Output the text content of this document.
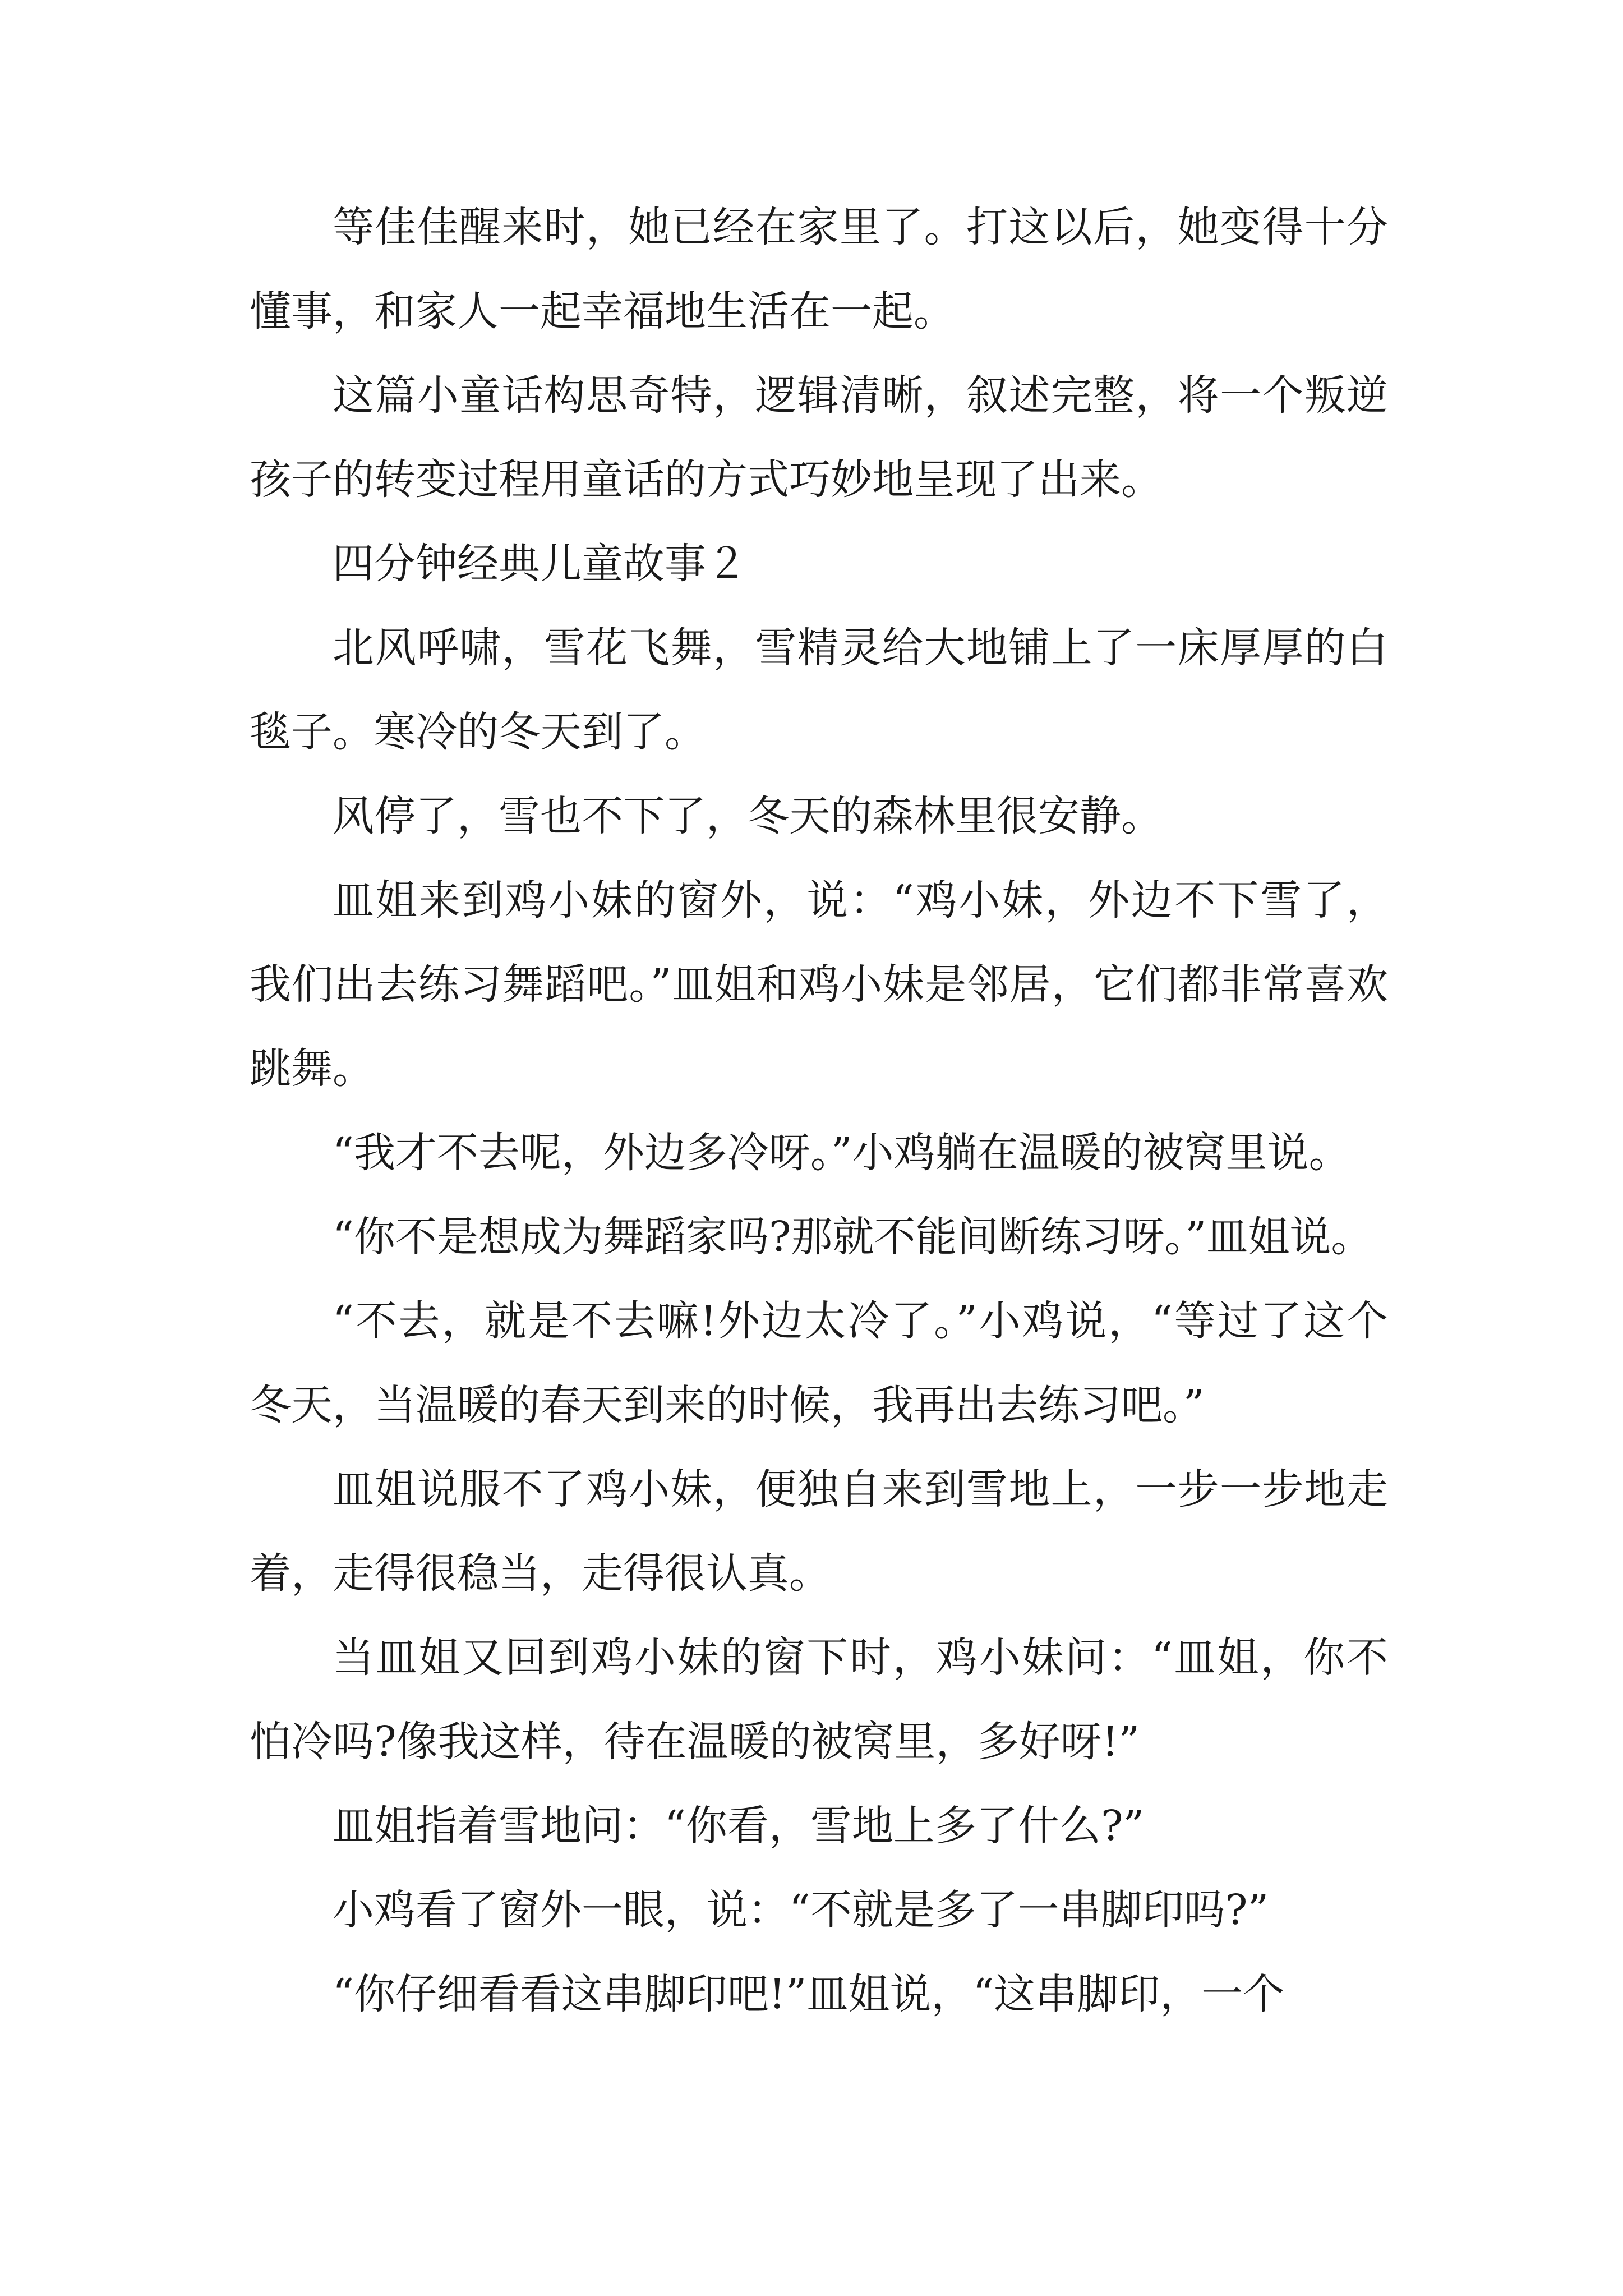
等佳佳醒来时，她已经在家里了。打这以后，她变得十分懂事，和家人一起幸福地生活在一起。

这篇小童话构思奇特，逻辑清晰，叙述完整，将一个叛逆孩子的转变过程用童话的方式巧妙地呈现了出来。

四分钟经典儿童故事２

北风呼啸，雪花飞舞，雪精灵给大地铺上了一床厚厚的白毯子。寒冷的冬天到了。

风停了，雪也不下了，冬天的森林里很安静。

皿姐来到鸡小妹的窗外，说：“鸡小妹，外边不下雪了，我们出去练习舞蹈吧。”皿姐和鸡小妹是邻居，它们都非常喜欢跳舞。

“我才不去呢，外边多冷呀。”小鸡躺在温暖的被窝里说。

“你不是想成为舞蹈家吗?那就不能间断练习呀。”皿姐说。

“不去，就是不去嘛!外边太冷了。”小鸡说，“等过了这个冬天，当温暖的春天到来的时候，我再出去练习吧。”

皿姐说服不了鸡小妹，便独自来到雪地上，一步一步地走着，走得很稳当，走得很认真。

当皿姐又回到鸡小妹的窗下时，鸡小妹问：“皿姐，你不怕冷吗?像我这样，待在温暖的被窝里，多好呀!”

皿姐指着雪地问：“你看，雪地上多了什么?”

小鸡看了窗外一眼，说：“不就是多了一串脚印吗?”

“你仔细看看这串脚印吧!”皿姐说，“这串脚印，一个
